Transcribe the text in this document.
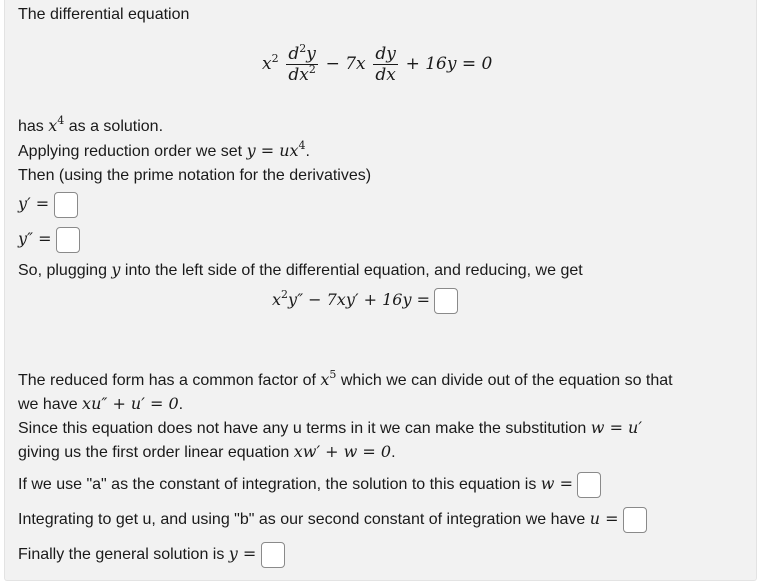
The differential equation
$x^2 \frac{d^2y}{dx^2} - 7x \frac{dy}{dx} + 16y = 0$
has $x^4$ as a solution.
Applying reduction order we set $y = ux^4$.
Then (using the prime notation for the derivatives)
y′ =
y″ =
So, plugging y into the left side of the differential equation, and reducing, we get
$x^2y'' - 7xy' + 16y$ =
The reduced form has a common factor of $x^5$ which we can divide out of the equation so that
we have xu″ + u′ = 0.
Since this equation does not have any u terms in it we can make the substitution w = u′
giving us the first order linear equation xw′ + w = 0.
If we use "a" as the constant of integration, the solution to this equation is w =
Integrating to get u, and using "b" as our second constant of integration we have u =
Finally the general solution is y =
